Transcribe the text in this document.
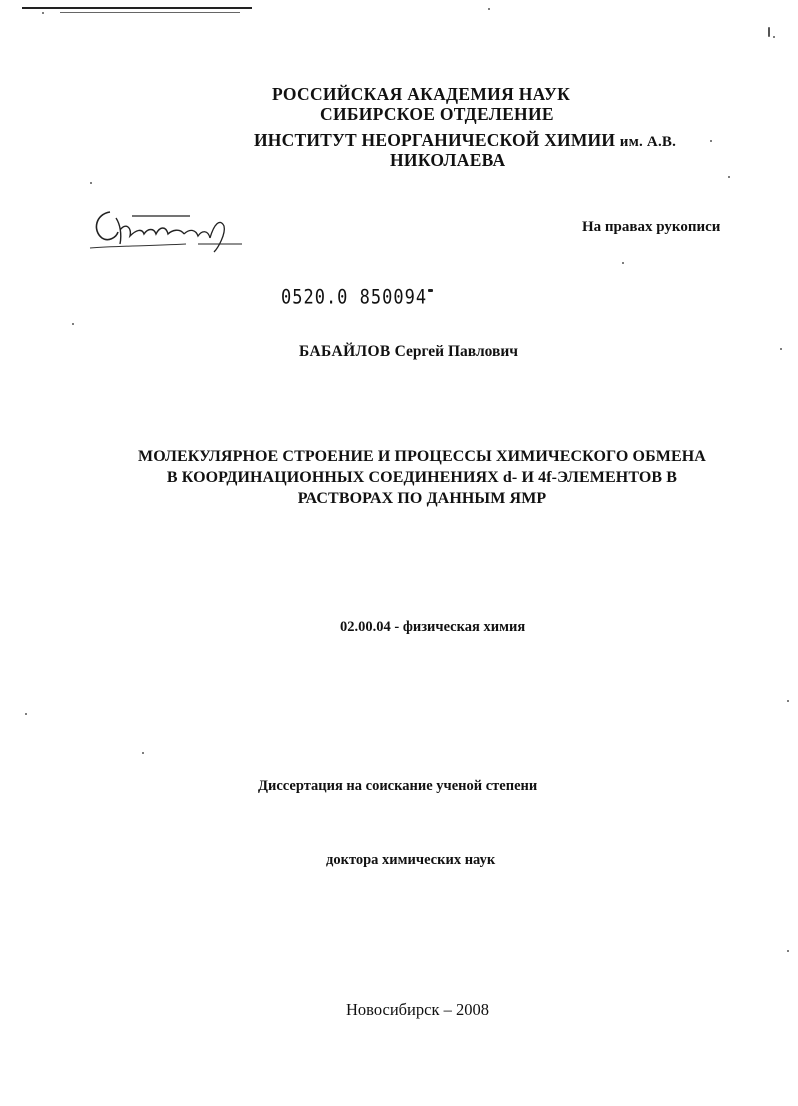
РОССИЙСКАЯ АКАДЕМИЯ НАУК
СИБИРСКОЕ ОТДЕЛЕНИЕ
ИНСТИТУТ НЕОРГАНИЧЕСКОЙ ХИМИИ им. А.В.
НИКОЛАЕВА
На правах рукописи
0520.0 850094
БАБАЙЛОВ Сергей Павлович
МОЛЕКУЛЯРНОЕ СТРОЕНИЕ И ПРОЦЕССЫ ХИМИЧЕСКОГО ОБМЕНА
В КООРДИНАЦИОННЫХ СОЕДИНЕНИЯХ d- И 4f-ЭЛЕМЕНТОВ В
РАСТВОРАХ ПО ДАННЫМ ЯМР
02.00.04 - физическая химия
Диссертация на соискание ученой степени
доктора химических наук
Новосибирск – 2008
